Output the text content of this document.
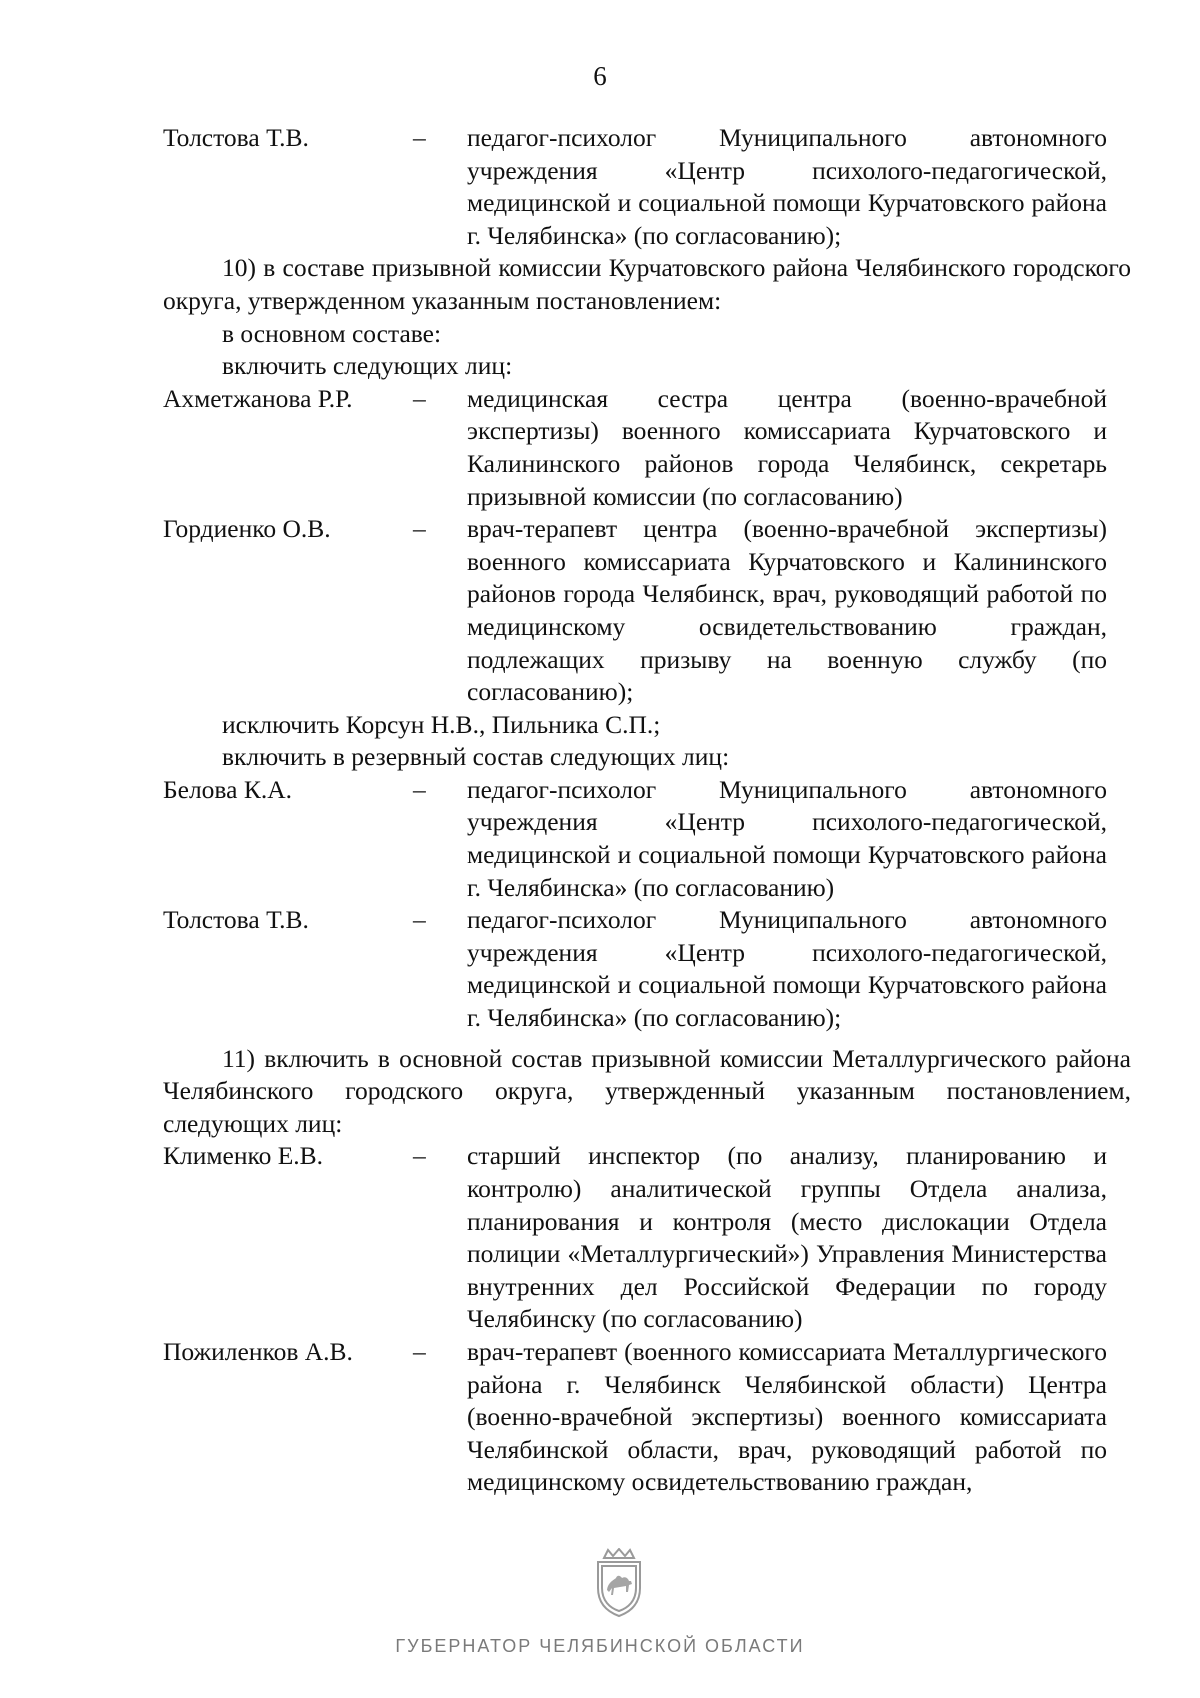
6
Толстова Т.В.	–	педагог-психолог Муниципального автономного учреждения «Центр психолого-педагогической, медицинской и социальной помощи Курчатовского района г. Челябинска» (по согласованию);

10) в составе призывной комиссии Курчатовского района Челябинского городского округа, утвержденном указанным постановлением:

в основном составе:

включить следующих лиц:

Ахметжанова Р.Р.	–	медицинская сестра центра (военно-врачебной экспертизы) военного комиссариата Курчатовского и Калининского районов города Челябинск, секретарь призывной комиссии (по согласованию)
Гордиенко О.В.	–	врач-терапевт центра (военно-врачебной экспертизы) военного комиссариата Курчатовского и Калининского районов города Челябинск, врач, руководящий работой по медицинскому освидетельствованию граждан, подлежащих призыву на военную службу (по согласованию);

исключить Корсун Н.В., Пильника С.П.;

включить в резервный состав следующих лиц:

Белова К.А.	–	педагог-психолог Муниципального автономного учреждения «Центр психолого-педагогической, медицинской и социальной помощи Курчатовского района г. Челябинска» (по согласованию)
Толстова Т.В.	–	педагог-психолог Муниципального автономного учреждения «Центр психолого-педагогической, медицинской и социальной помощи Курчатовского района г. Челябинска» (по согласованию);

11) включить в основной состав призывной комиссии Металлургического района Челябинского городского округа, утвержденный указанным постановлением, следующих лиц:

Клименко Е.В.	–	старший инспектор (по анализу, планированию и контролю) аналитической группы Отдела анализа, планирования и контроля (место дислокации Отдела полиции «Металлургический») Управления Министерства внутренних дел Российской Федерации по городу Челябинску (по согласованию)
Пожиленков А.В.	–	врач-терапевт (военного комиссариата Металлургического района г. Челябинск Челябинской области) Центра (военно-врачебной экспертизы) военного комиссариата Челябинской области, врач, руководящий работой по медицинскому освидетельствованию граждан,
ГУБЕРНАТОР ЧЕЛЯБИНСКОЙ ОБЛАСТИ
